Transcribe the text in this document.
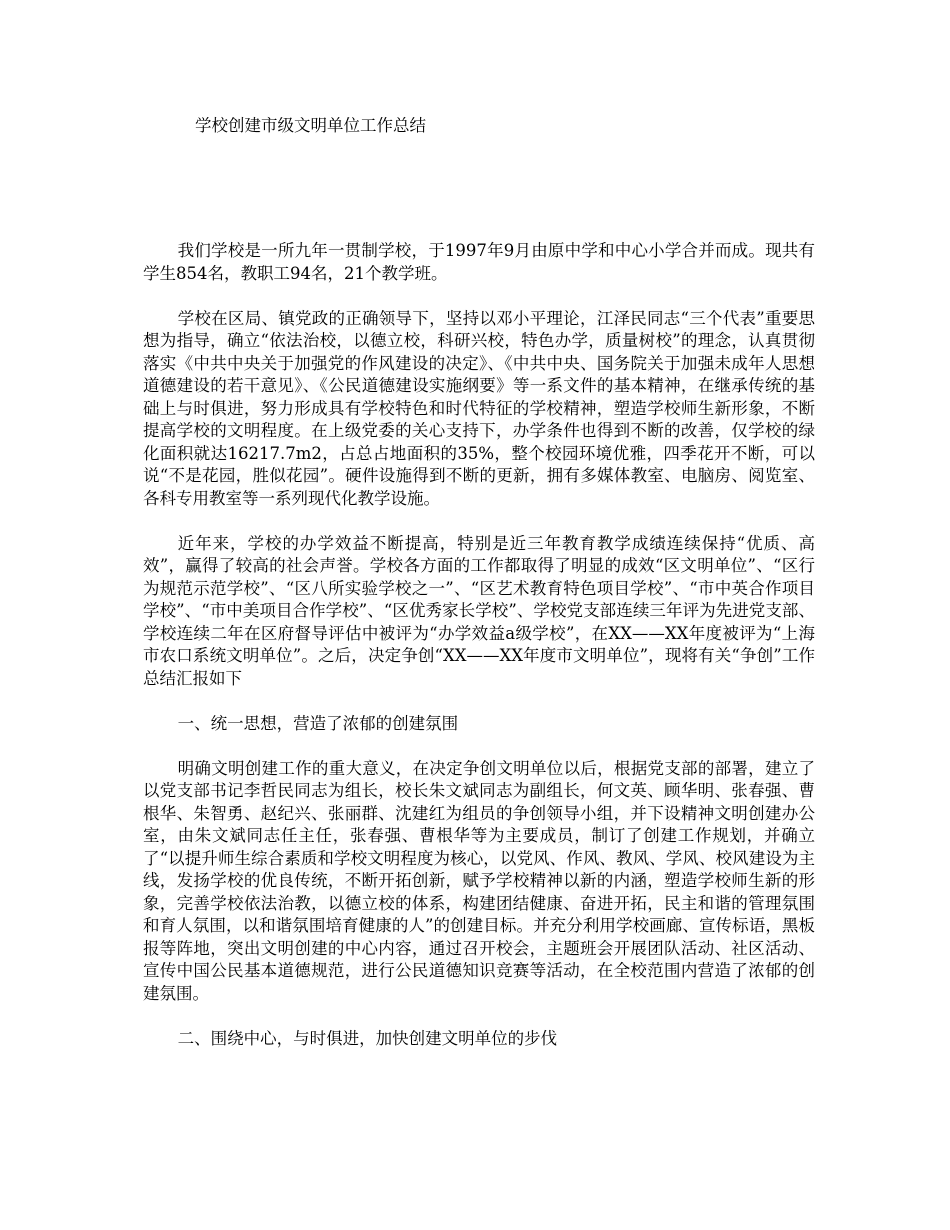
学校创建市级文明单位工作总结

我们学校是一所九年一贯制学校，于1997年9月由原中学和中心小学合并而成。现共有学生854名，教职工94名，21个教学班。

学校在区局、镇党政的正确领导下，坚持以邓小平理论，江泽民同志“三个代表”重要思想为指导，确立“依法治校，以德立校，科研兴校，特色办学，质量树校”的理念，认真贯彻落实《中共中央关于加强党的作风建设的决定》、《中共中央、国务院关于加强未成年人思想道德建设的若干意见》、《公民道德建设实施纲要》等一系文件的基本精神，在继承传统的基础上与时俱进，努力形成具有学校特色和时代特征的学校精神，塑造学校师生新形象，不断提高学校的文明程度。在上级党委的关心支持下，办学条件也得到不断的改善，仅学校的绿化面积就达16217.7m2，占总占地面积的35%，整个校园环境优雅，四季花开不断，可以说“不是花园，胜似花园”。硬件设施得到不断的更新，拥有多媒体教室、电脑房、阅览室、各科专用教室等一系列现代化教学设施。

近年来，学校的办学效益不断提高，特别是近三年教育教学成绩连续保持“优质、高效”，赢得了较高的社会声誉。学校各方面的工作都取得了明显的成效“区文明单位”、“区行为规范示范学校”、“区八所实验学校之一”、“区艺术教育特色项目学校”、“市中英合作项目学校”、“市中美项目合作学校”、“区优秀家长学校”、学校党支部连续三年评为先进党支部、学校连续二年在区府督导评估中被评为“办学效益a级学校”，在XX——XX年度被评为“上海市农口系统文明单位”。之后，决定争创“XX——XX年度市文明单位”，现将有关“争创”工作总结汇报如下

一、统一思想，营造了浓郁的创建氛围

明确文明创建工作的重大意义，在决定争创文明单位以后，根据党支部的部署，建立了以党支部书记李哲民同志为组长，校长朱文斌同志为副组长，何文英、顾华明、张春强、曹根华、朱智勇、赵纪兴、张丽群、沈建红为组员的争创领导小组，并下设精神文明创建办公室，由朱文斌同志任主任，张春强、曹根华等为主要成员，制订了创建工作规划，并确立了“以提升师生综合素质和学校文明程度为核心，以党风、作风、教风、学风、校风建设为主线，发扬学校的优良传统，不断开拓创新，赋予学校精神以新的内涵，塑造学校师生新的形象，完善学校依法治教，以德立校的体系，构建团结健康、奋进开拓，民主和谐的管理氛围和育人氛围，以和谐氛围培育健康的人”的创建目标。并充分利用学校画廊、宣传标语，黑板报等阵地，突出文明创建的中心内容，通过召开校会，主题班会开展团队活动、社区活动、宣传中国公民基本道德规范，进行公民道德知识竞赛等活动，在全校范围内营造了浓郁的创建氛围。

二、围绕中心，与时俱进，加快创建文明单位的步伐
